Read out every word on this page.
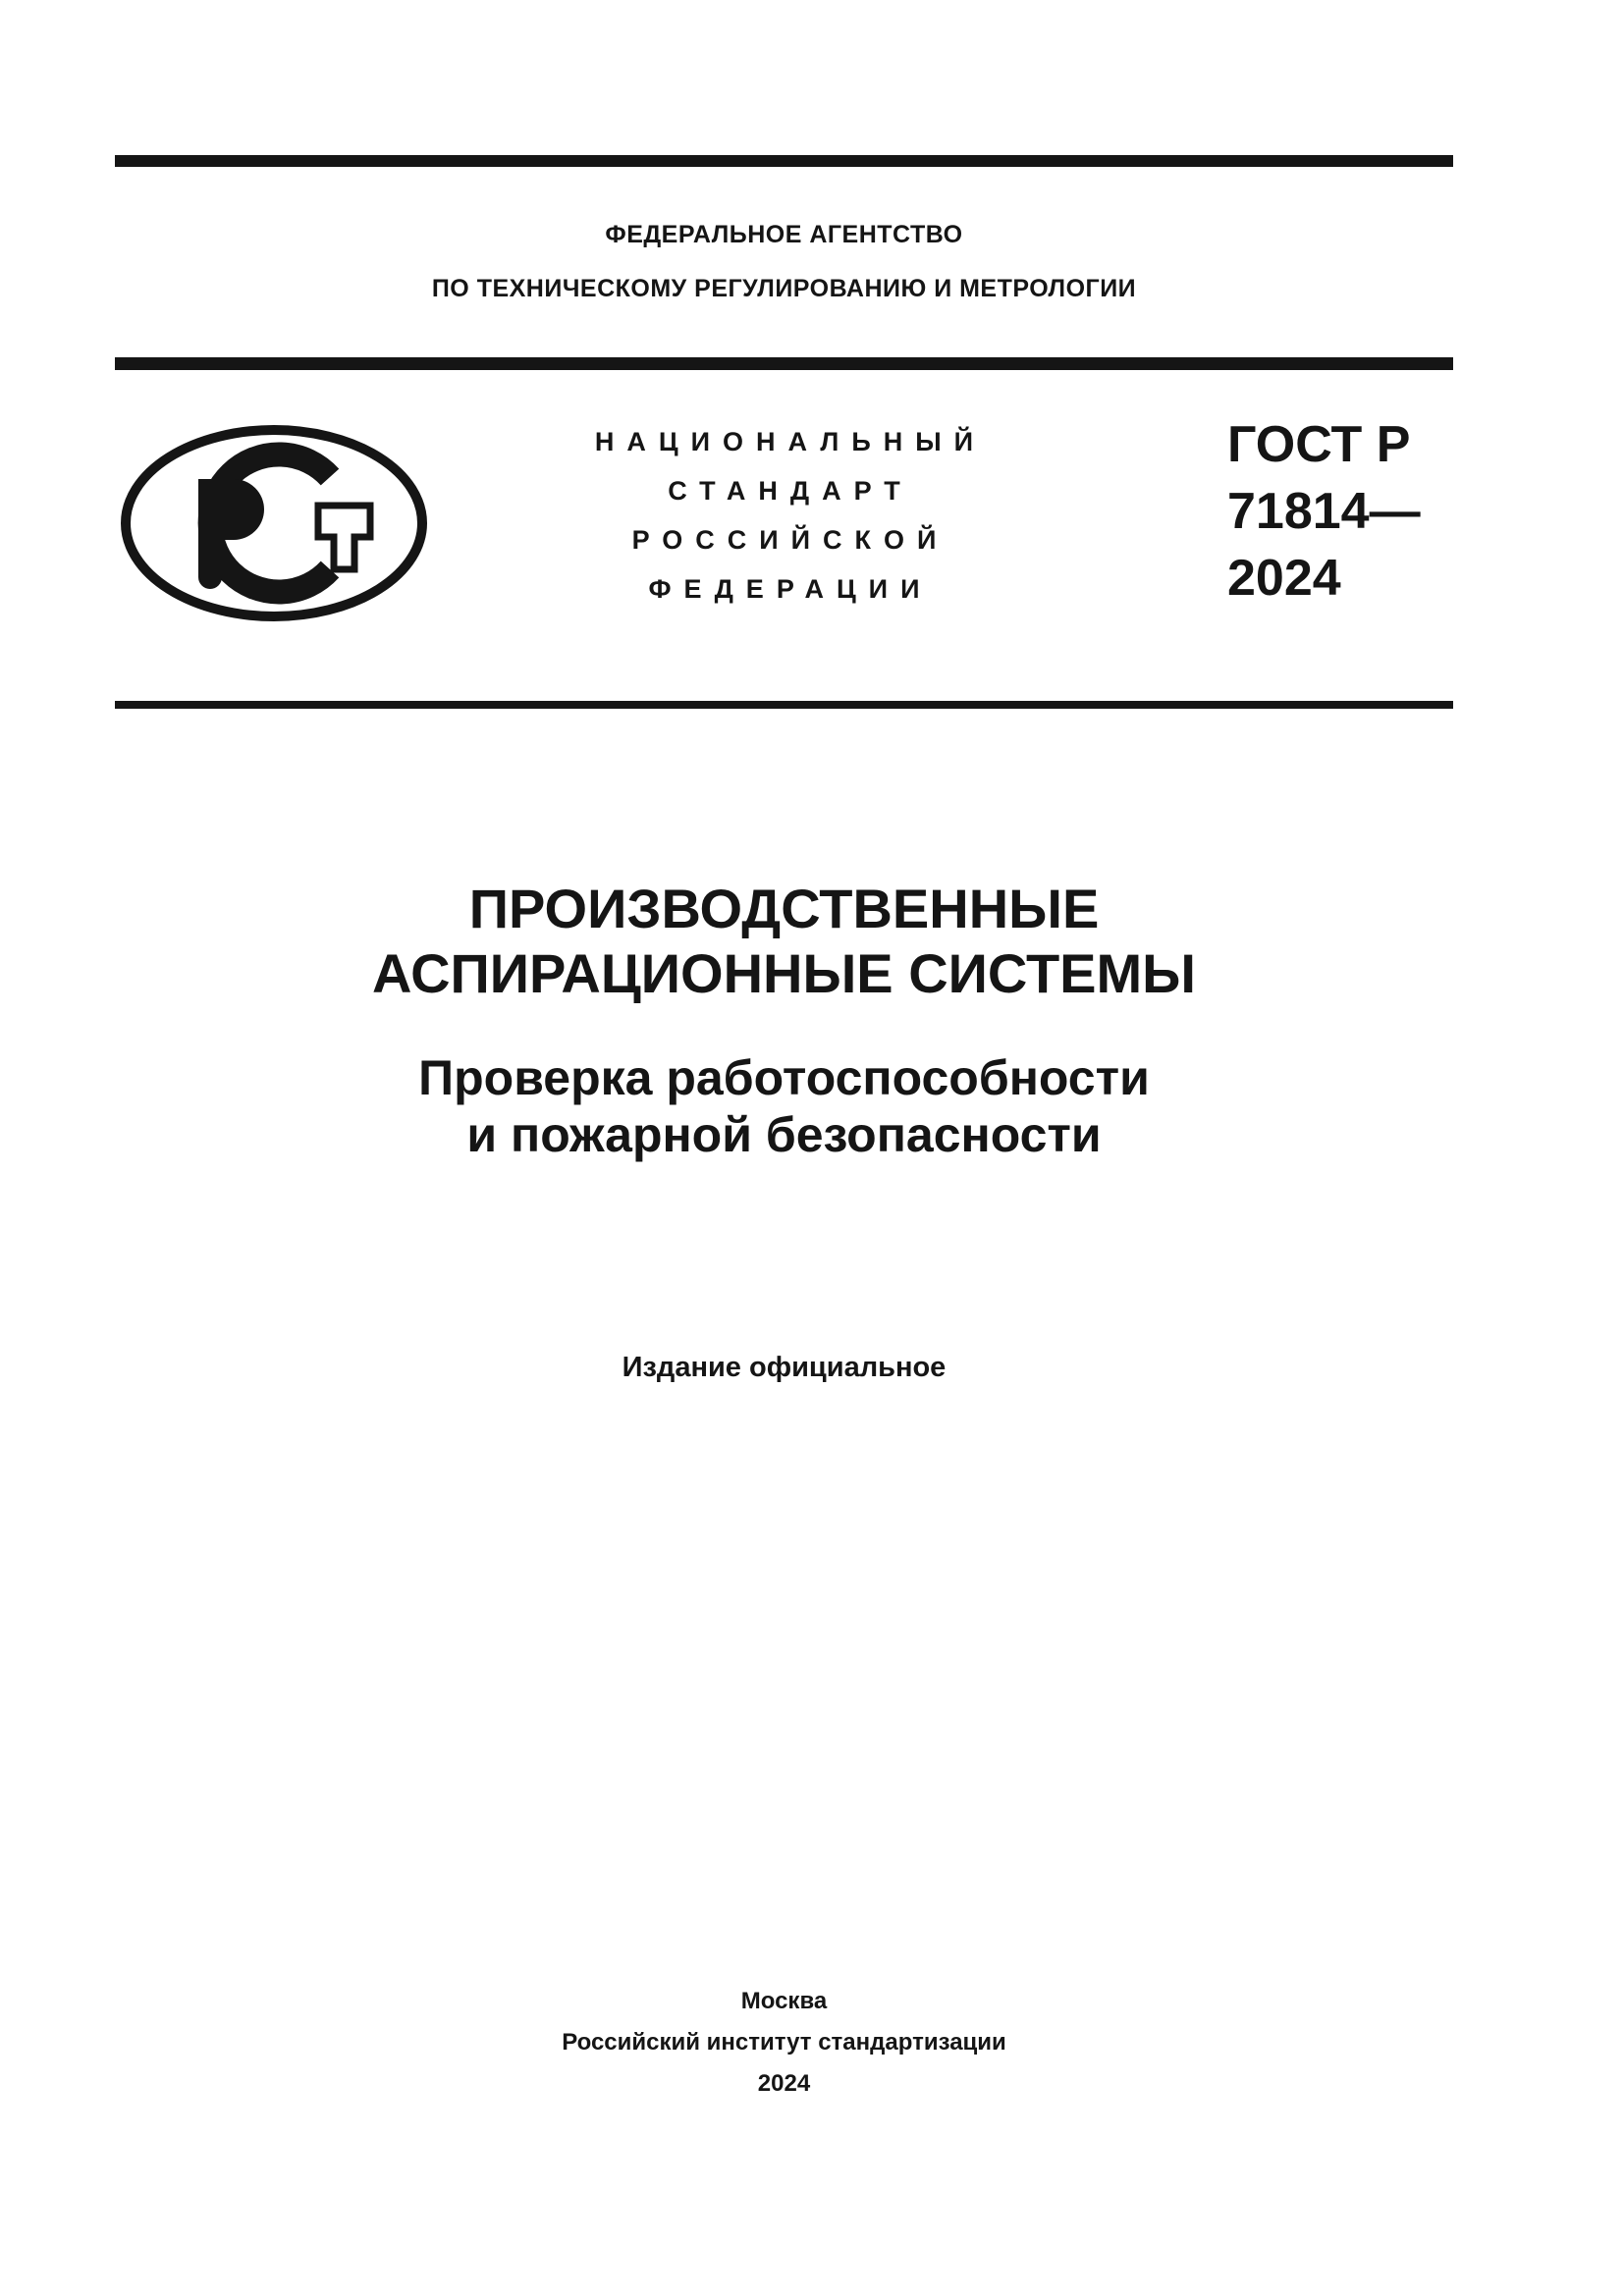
ФЕДЕРАЛЬНОЕ АГЕНТСТВО
ПО ТЕХНИЧЕСКОМУ РЕГУЛИРОВАНИЮ И МЕТРОЛОГИИ
НАЦИОНАЛЬНЫЙ
СТАНДАРТ
РОССИЙСКОЙ
ФЕДЕРАЦИИ
ГОСТ Р
71814—
2024
ПРОИЗВОДСТВЕННЫЕ
АСПИРАЦИОННЫЕ СИСТЕМЫ
Проверка работоспособности
и пожарной безопасности
Издание официальное
Москва
Российский институт стандартизации
2024
